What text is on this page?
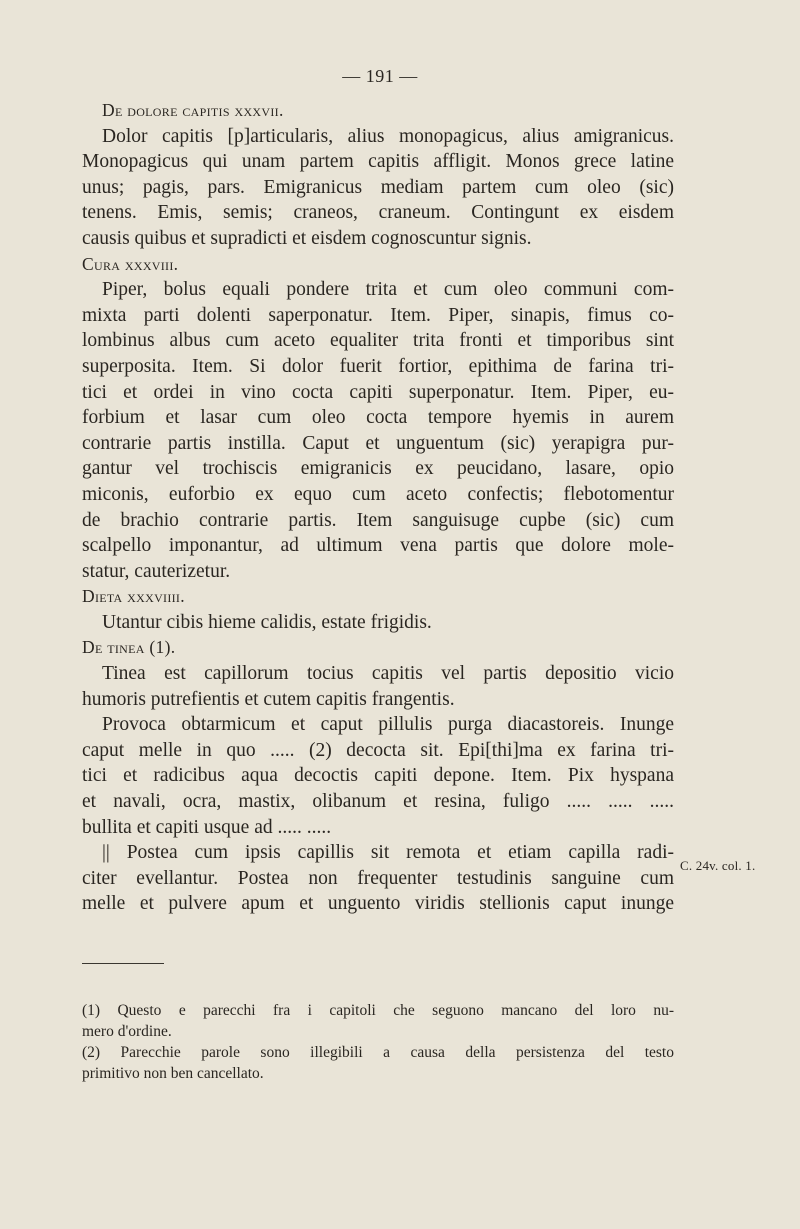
— 191 —
De dolore capitis xxxvii.
Dolor capitis [p]articularis, alius monopagicus, alius amigranicus.
Monopagicus qui unam partem capitis affligit. Monos grece latine
unus; pagis, pars. Emigranicus mediam partem cum oleo (sic)
tenens. Emis, semis; craneos, craneum. Contingunt ex eisdem
causis quibus et supradicti et eisdem cognoscuntur signis.
Cura xxxviii.
Piper, bolus equali pondere trita et cum oleo communi com-
mixta parti dolenti saperponatur. Item. Piper, sinapis, fimus co-
lombinus albus cum aceto equaliter trita fronti et timporibus sint
superposita. Item. Si dolor fuerit fortior, epithima de farina tri-
tici et ordei in vino cocta capiti superponatur. Item. Piper, eu-
forbium et lasar cum oleo cocta tempore hyemis in aurem
contrarie partis instilla. Caput et unguentum (sic) yerapigra pur-
gantur vel trochiscis emigranicis ex peucidano, lasare, opio
miconis, euforbio ex equo cum aceto confectis; flebotomentur
de brachio contrarie partis. Item sanguisuge cupbe (sic) cum
scalpello imponantur, ad ultimum vena partis que dolore mole-
statur, cauterizetur.
Dieta xxxviiii.
Utantur cibis hieme calidis, estate frigidis.
De tinea (1).
Tinea est capillorum tocius capitis vel partis depositio vicio
humoris putrefientis et cutem capitis frangentis.
Provoca obtarmicum et caput pillulis purga diacastoreis. Inunge
caput melle in quo ..... (2) decocta sit. Epi[thi]ma ex farina tri-
tici et radicibus aqua decoctis capiti depone. Item. Pix hyspana
et navali, ocra, mastix, olibanum et resina, fuligo ..... ..... .....
bullita et capiti usque ad ..... .....
|| Postea cum ipsis capillis sit remota et etiam capilla radi-
citer evellantur. Postea non frequenter testudinis sanguine cum
melle et pulvere apum et unguento viridis stellionis caput inunge
C. 24v. col. 1.
(1) Questo e parecchi fra i capitoli che seguono mancano del loro nu-
mero d'ordine.
(2) Parecchie parole sono illegibili a causa della persistenza del testo
primitivo non ben cancellato.
